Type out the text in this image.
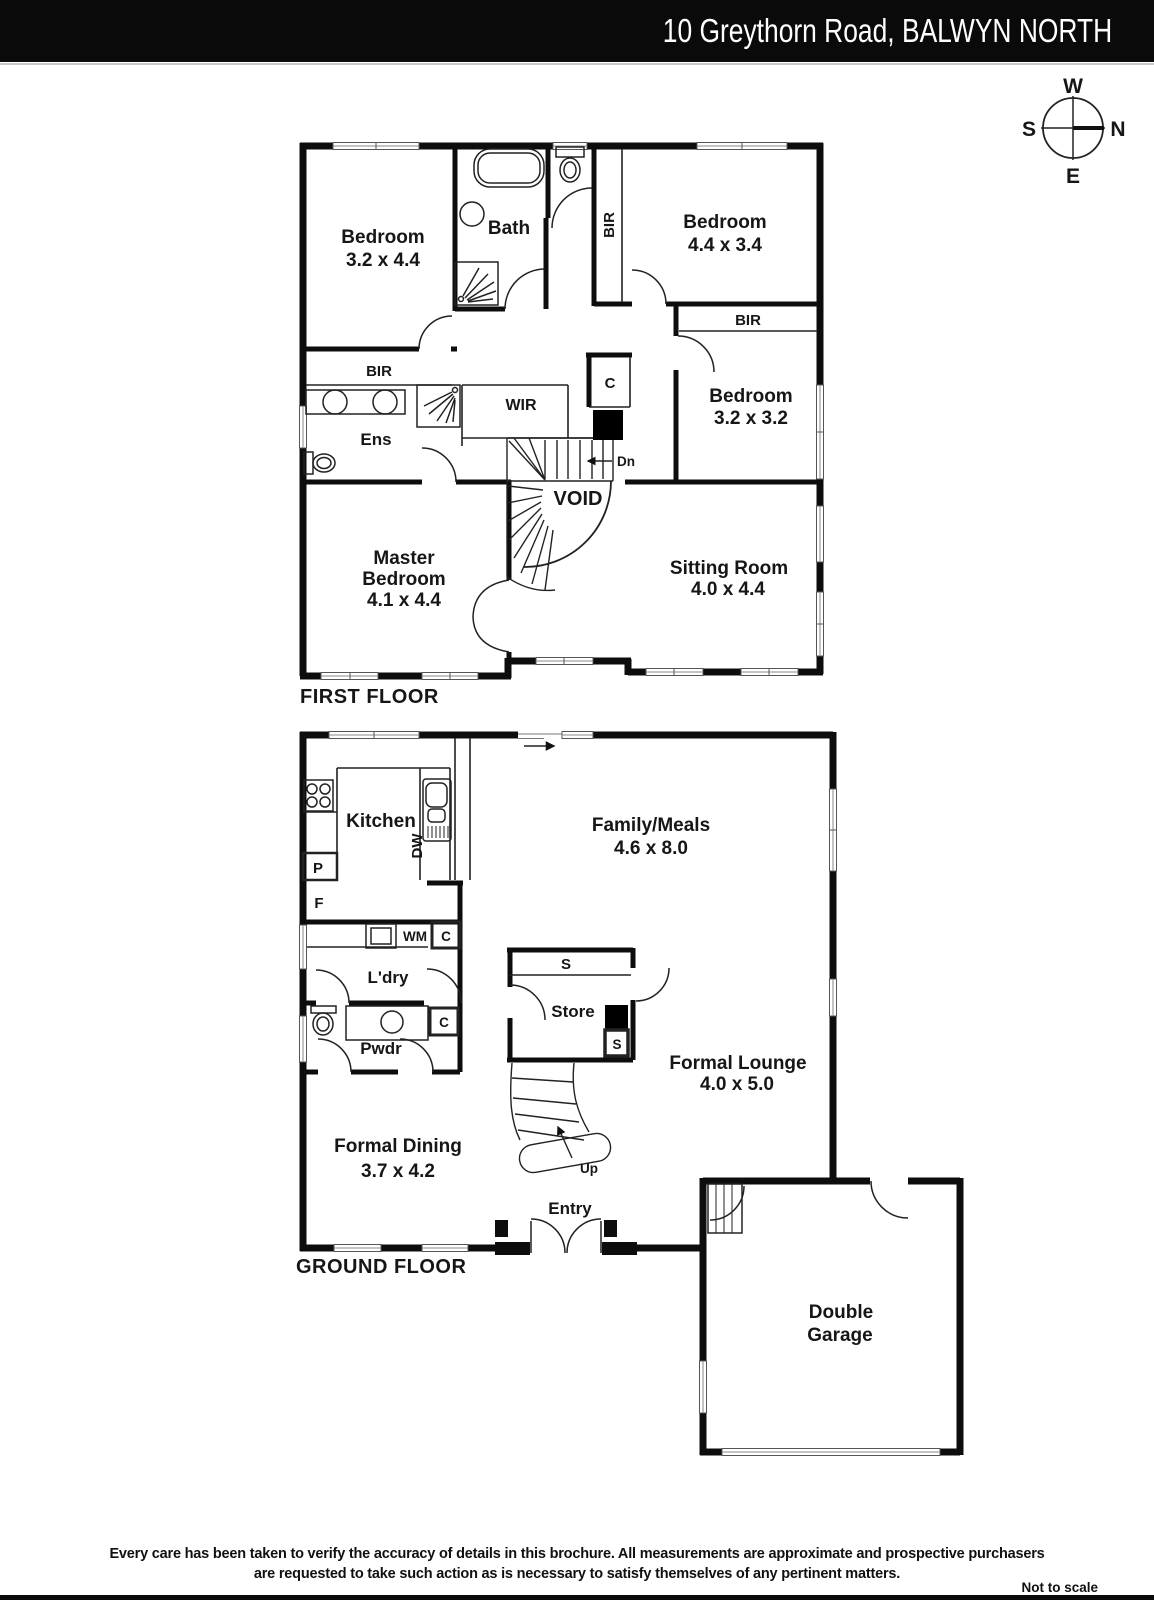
10 Greythorn Road, BALWYN NORTH
W
S	N
E
Bedroom
3.2 x 4.4
Bath	BIR	Bedroom
4.4 x 3.4
BIR
Bedroom
3.2 x 3.2
BIR
Ens
WIR
C
Dn
VOID
Master
Bedroom
4.1 x 4.4
Sitting Room
4.0 x 4.4
FIRST FLOOR
Kitchen
DW
P
F
WM C
L'dry
S
Store
S
Pwdr
C
Family/Meals
4.6 x 8.0
Formal Lounge
4.0 x 5.0
Formal Dining
3.7 x 4.2	Up
Entry
Double
Garage
GROUND FLOOR
Every care has been taken to verify the accuracy of details in this brochure. All measurements are approximate and prospective purchasers
are requested to take such action as is necessary to satisfy themselves of any pertinent matters.
Not to scale
